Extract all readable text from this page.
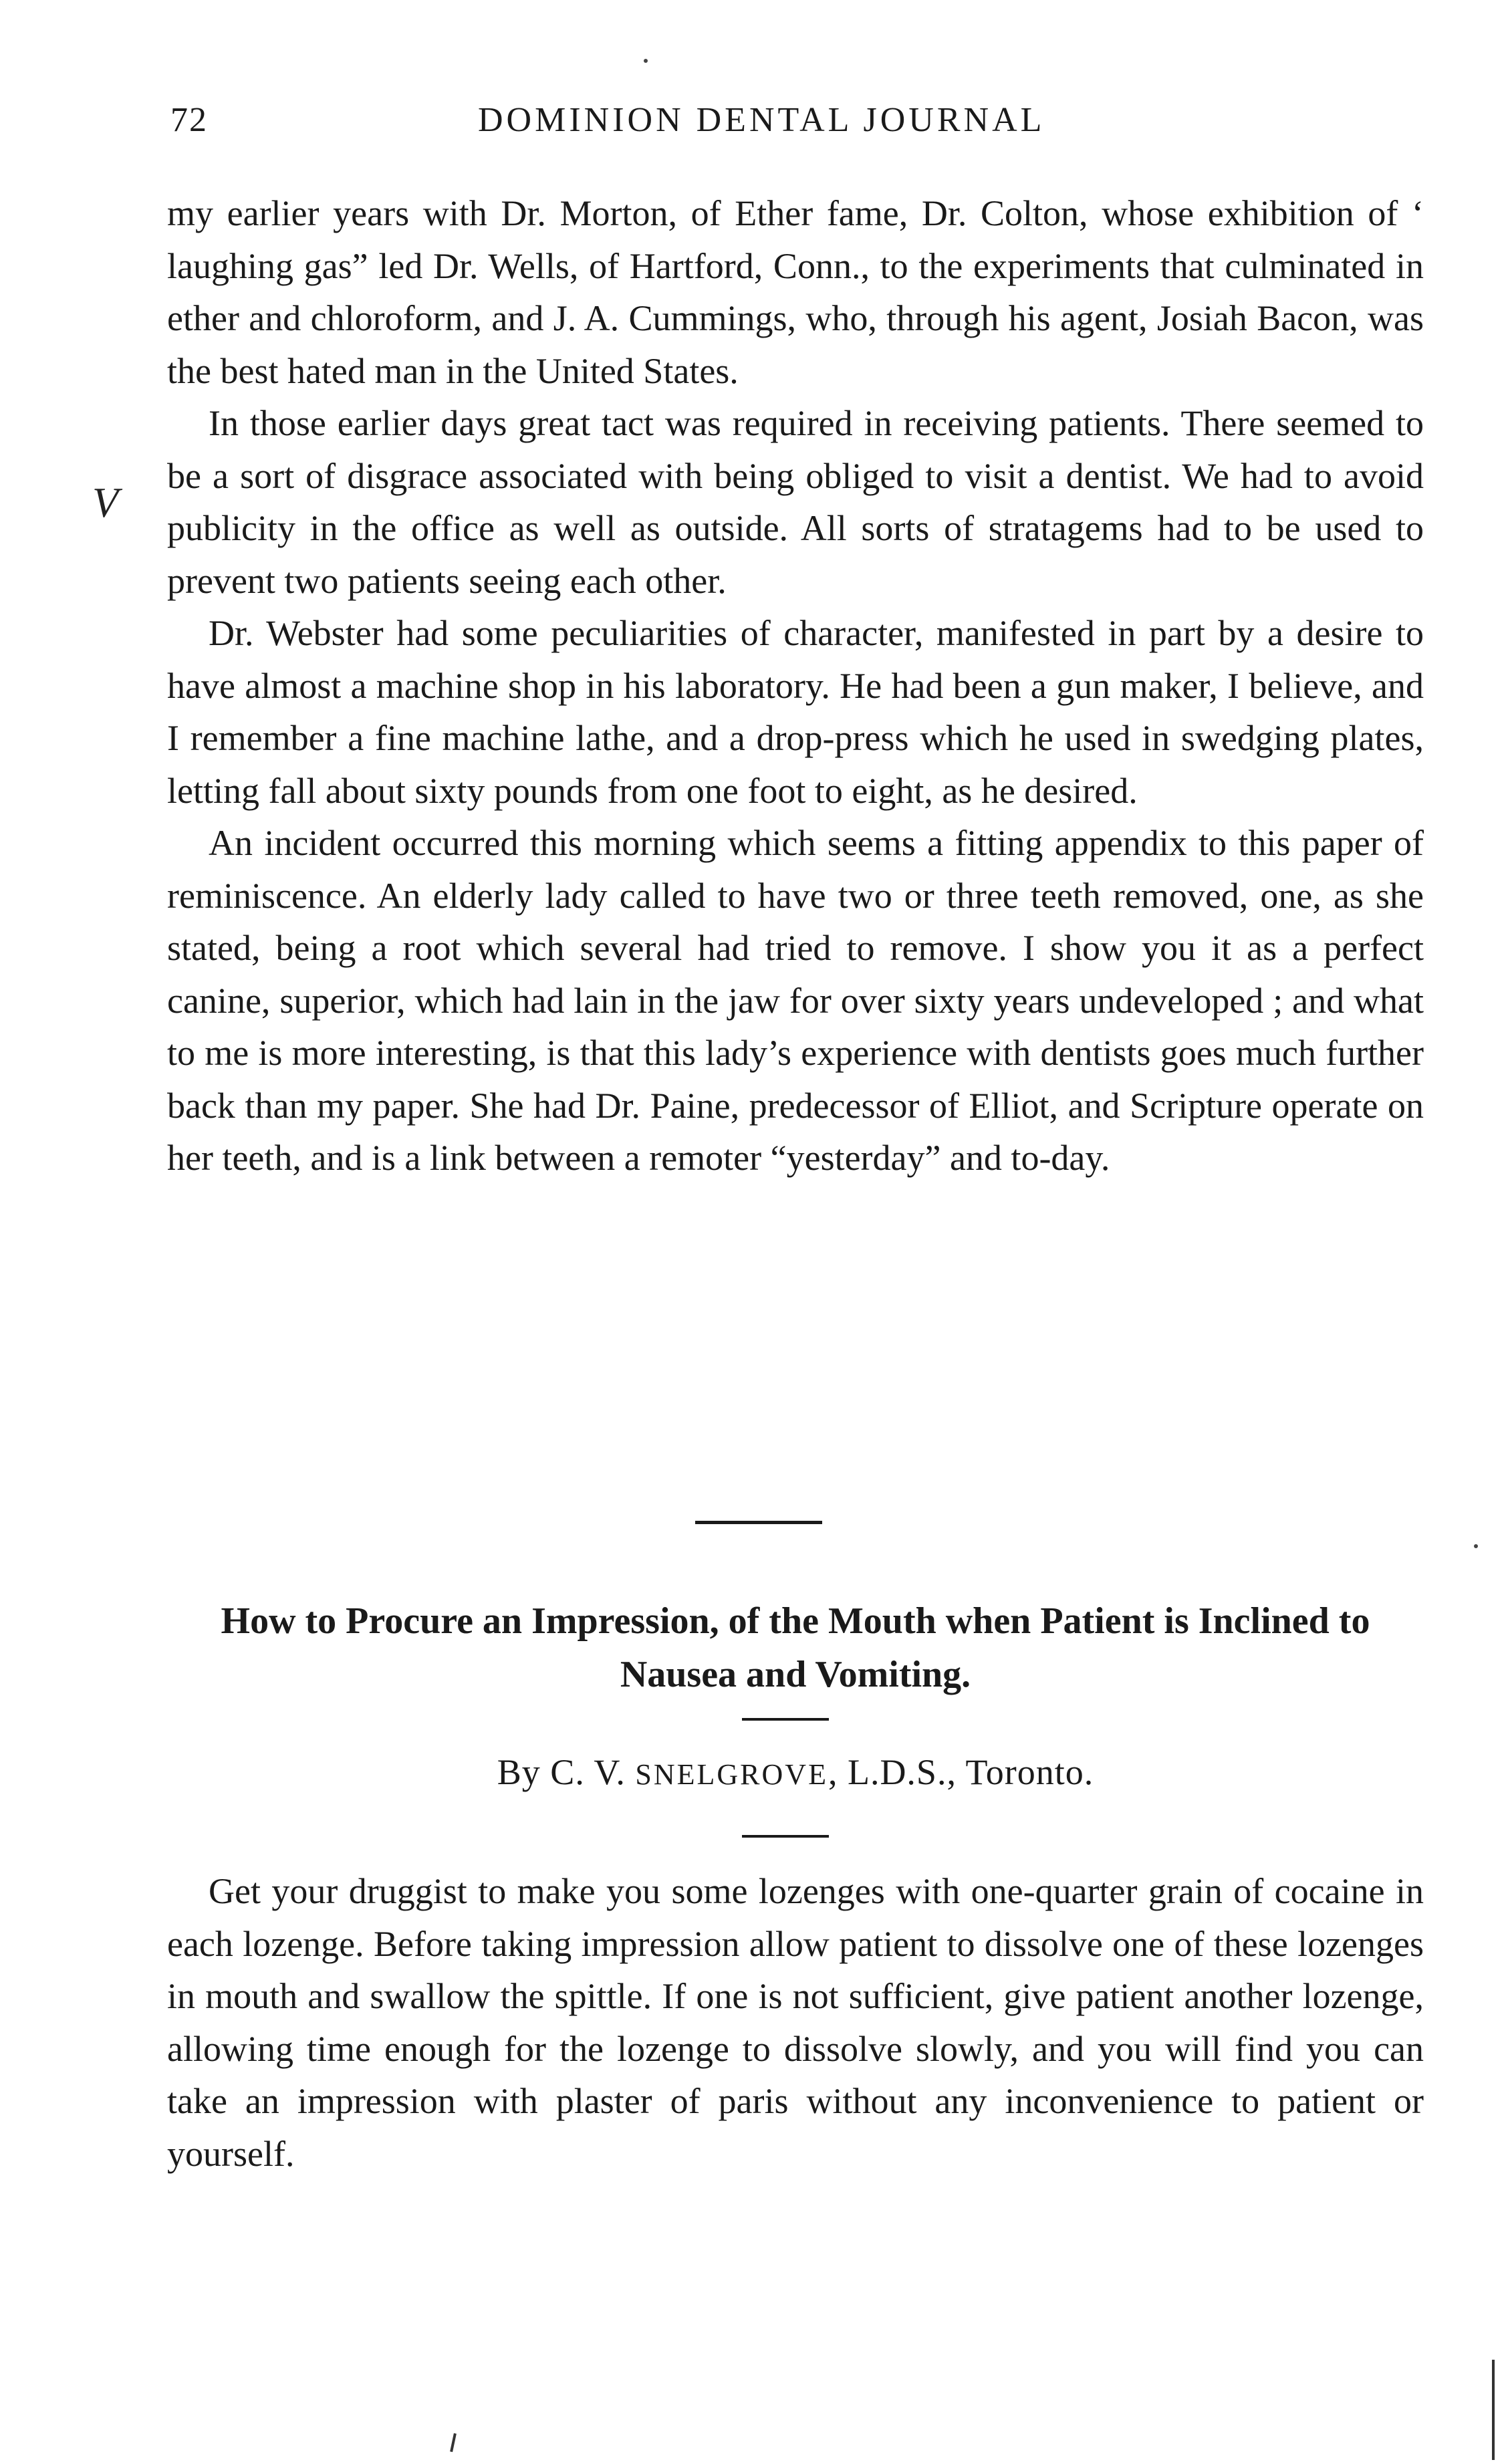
72	DOMINION DENTAL JOURNAL
V

my earlier years with Dr. Morton, of Ether fame, Dr. Colton, whose exhibition of ‘ laughing gas” led Dr. Wells, of Hartford, Conn., to the experiments that culminated in ether and chloroform, and J. A. Cummings, who, through his agent, Josiah Bacon, was the best hated man in the United States.

In those earlier days great tact was required in receiving patients. There seemed to be a sort of disgrace associated with being obliged to visit a dentist. We had to avoid publicity in the office as well as outside. All sorts of stratagems had to be used to prevent two patients seeing each other.

Dr. Webster had some peculiarities of character, manifested in part by a desire to have almost a machine shop in his laboratory. He had been a gun maker, I believe, and I remember a fine machine lathe, and a drop-press which he used in swedging plates, letting fall about sixty pounds from one foot to eight, as he desired.

An incident occurred this morning which seems a fitting appendix to this paper of reminiscence. An elderly lady called to have two or three teeth removed, one, as she stated, being a root which several had tried to remove. I show you it as a perfect canine, superior, which had lain in the jaw for over sixty years undeveloped ; and what to me is more interesting, is that this lady’s experience with dentists goes much further back than my paper. She had Dr. Paine, predecessor of Elliot, and Scripture operate on her teeth, and is a link between a remoter “yesterday” and to-day.

How to Procure an Impression, of the Mouth when Patient is Inclined to Nausea and Vomiting.
By C. V. SNELGROVE, L.D.S., Toronto.

Get your druggist to make you some lozenges with one-quarter grain of cocaine in each lozenge. Before taking impression allow patient to dissolve one of these lozenges in mouth and swallow the spittle. If one is not sufficient, give patient another lozenge, allowing time enough for the lozenge to dissolve slowly, and you will find you can take an impression with plaster of paris without any inconvenience to patient or yourself.
